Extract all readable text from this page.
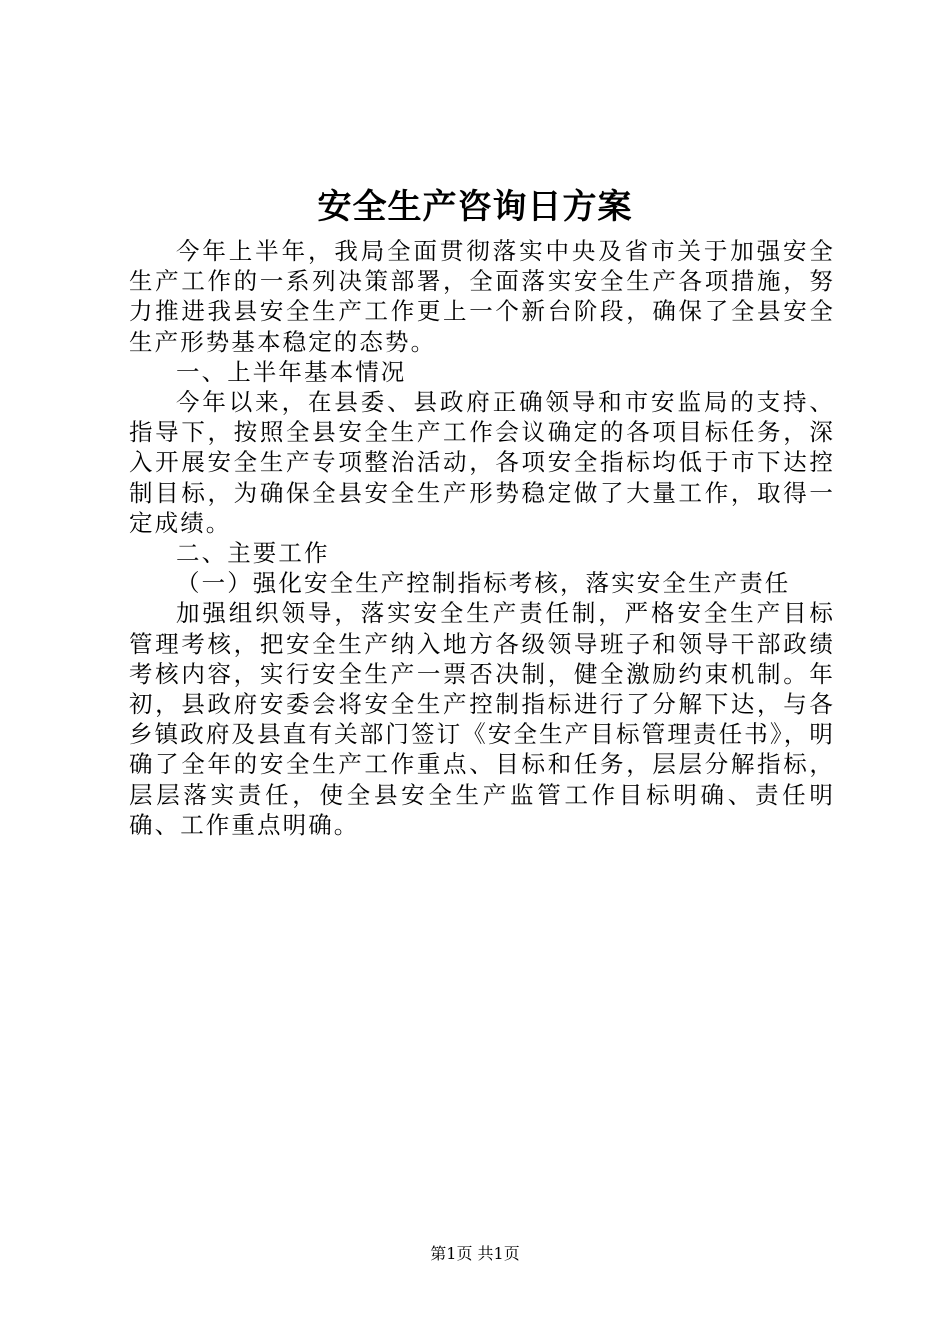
安全生产咨询日方案

今年上半年，我局全面贯彻落实中央及省市关于加强安全生产工作的一系列决策部署，全面落实安全生产各项措施，努力推进我县安全生产工作更上一个新台阶段，确保了全县安全生产形势基本稳定的态势。

一、上半年基本情况

今年以来，在县委、县政府正确领导和市安监局的支持、指导下，按照全县安全生产工作会议确定的各项目标任务，深入开展安全生产专项整治活动，各项安全指标均低于市下达控制目标，为确保全县安全生产形势稳定做了大量工作，取得一定成绩。

二、主要工作

（一）强化安全生产控制指标考核，落实安全生产责任

加强组织领导，落实安全生产责任制，严格安全生产目标管理考核，把安全生产纳入地方各级领导班子和领导干部政绩考核内容，实行安全生产一票否决制，健全激励约束机制。年初，县政府安委会将安全生产控制指标进行了分解下达，与各乡镇政府及县直有关部门签订《安全生产目标管理责任书》，明确了全年的安全生产工作重点、目标和任务，层层分解指标，层层落实责任，使全县安全生产监管工作目标明确、责任明确、工作重点明确。

第1页 共1页
